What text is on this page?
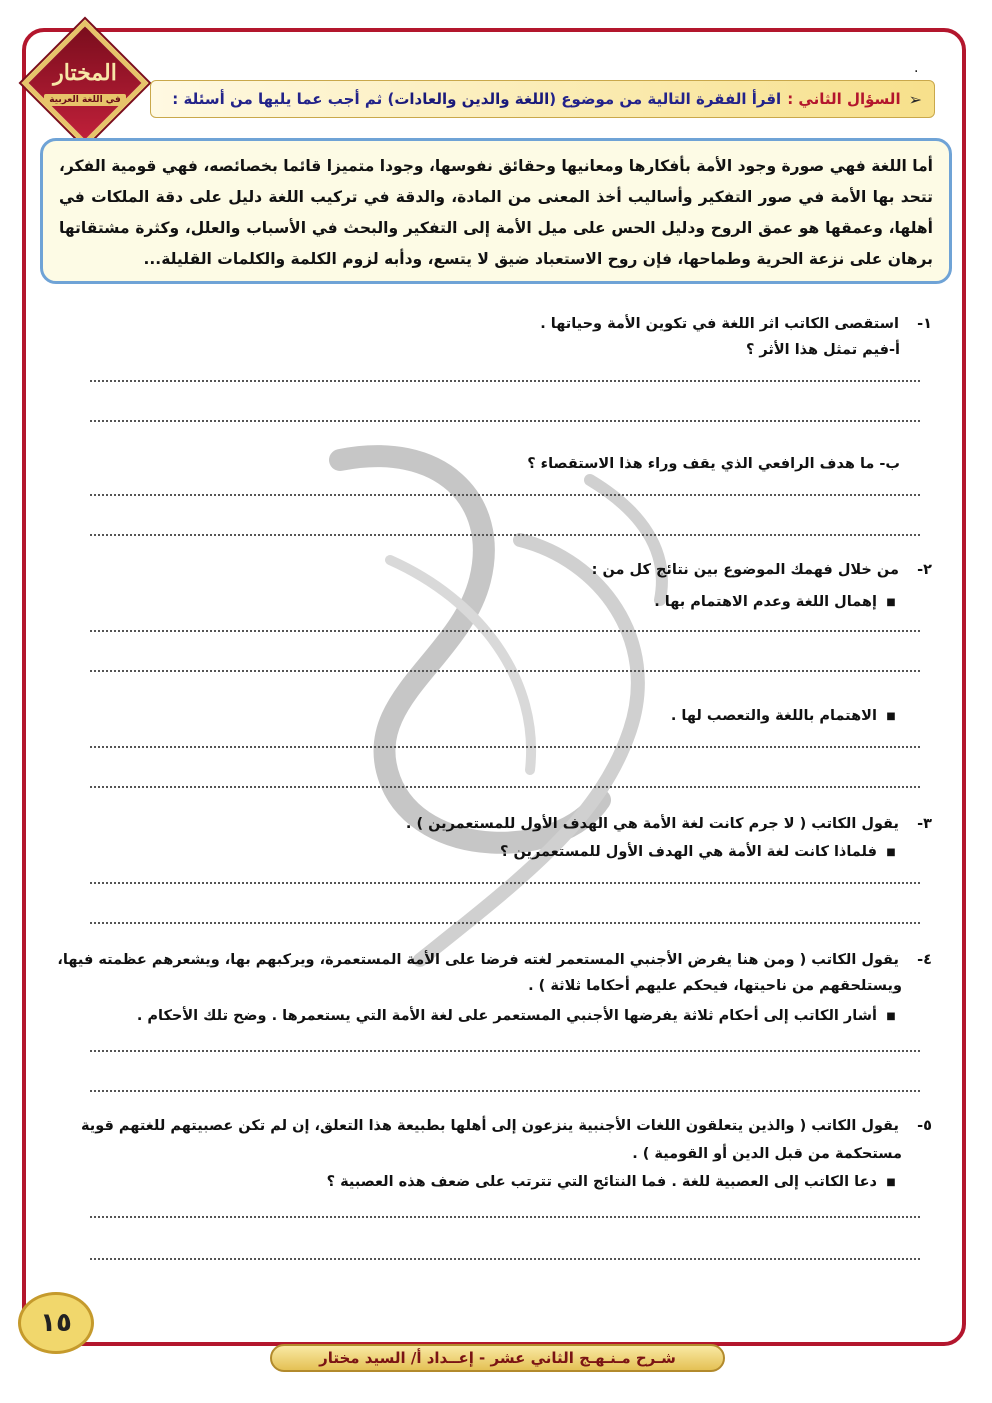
.
المختار
في اللغة العربية	➢
السؤال الثاني :
اقرأ الفقرة التالية من موضوع (
اللغة والدين والعادات
) ثم أجب عما يليها من أسئلة :
أما اللغة فهي صورة وجود الأمة بأفكارها ومعانيها وحقائق نفوسها، وجودا متميزا قائما بخصائصه، فهي قومية الفكر، تتحد بها الأمة في صور التفكير وأساليب أخذ المعنى من المادة، والدقة في تركيب اللغة دليل على دقة الملكات في أهلها، وعمقها هو عمق الروح ودليل الحس على ميل الأمة إلى التفكير والبحث في الأسباب والعلل، وكثرة مشتقاتها برهان على نزعة الحرية وطماحها، فإن روح الاستعباد ضيق لا يتسع، ودأبه لزوم الكلمة والكلمات القليلة...
١- استقصى الكاتب اثر اللغة في تكوين الأمة وحياتها .
أ-فيم تمثل هذا الأثر ؟
ب- ما هدف الرافعي الذي يقف وراء هذا الاستقصاء ؟
٢- من خلال فهمك الموضوع بين نتائج كل من :
■ إهمال اللغة وعدم الاهتمام بها .
■ الاهتمام باللغة والتعصب لها .
٣- يقول الكاتب ( لا جرم كانت لغة الأمة هي الهدف الأول للمستعمرين ) .
■ فلماذا كانت لغة الأمة هي الهدف الأول للمستعمرين ؟
٤- يقول الكاتب ( ومن هنا يفرض الأجنبي المستعمر لغته فرضا على الأمة المستعمرة، ويركبهم بها، ويشعرهم عظمته فيها،
ويستلحقهم من ناحيتها، فيحكم عليهم أحكاما ثلاثة ) .
■ أشار الكاتب إلى أحكام ثلاثة يفرضها الأجنبي المستعمر على لغة الأمة التي يستعمرها . وضح تلك الأحكام .
٥- يقول الكاتب ( والذين يتعلقون اللغات الأجنبية ينزعون إلى أهلها بطبيعة هذا التعلق، إن لم تكن عصبيتهم للغتهم قوية
مستحكمة من قبل الدين أو القومية ) .
■ دعا الكاتب إلى العصبية للغة . فما النتائج التي تترتب على ضعف هذه العصبية ؟
١٥
شـرح مـنـهـج الثاني عشر - إعــداد أ/ السيد مختار
